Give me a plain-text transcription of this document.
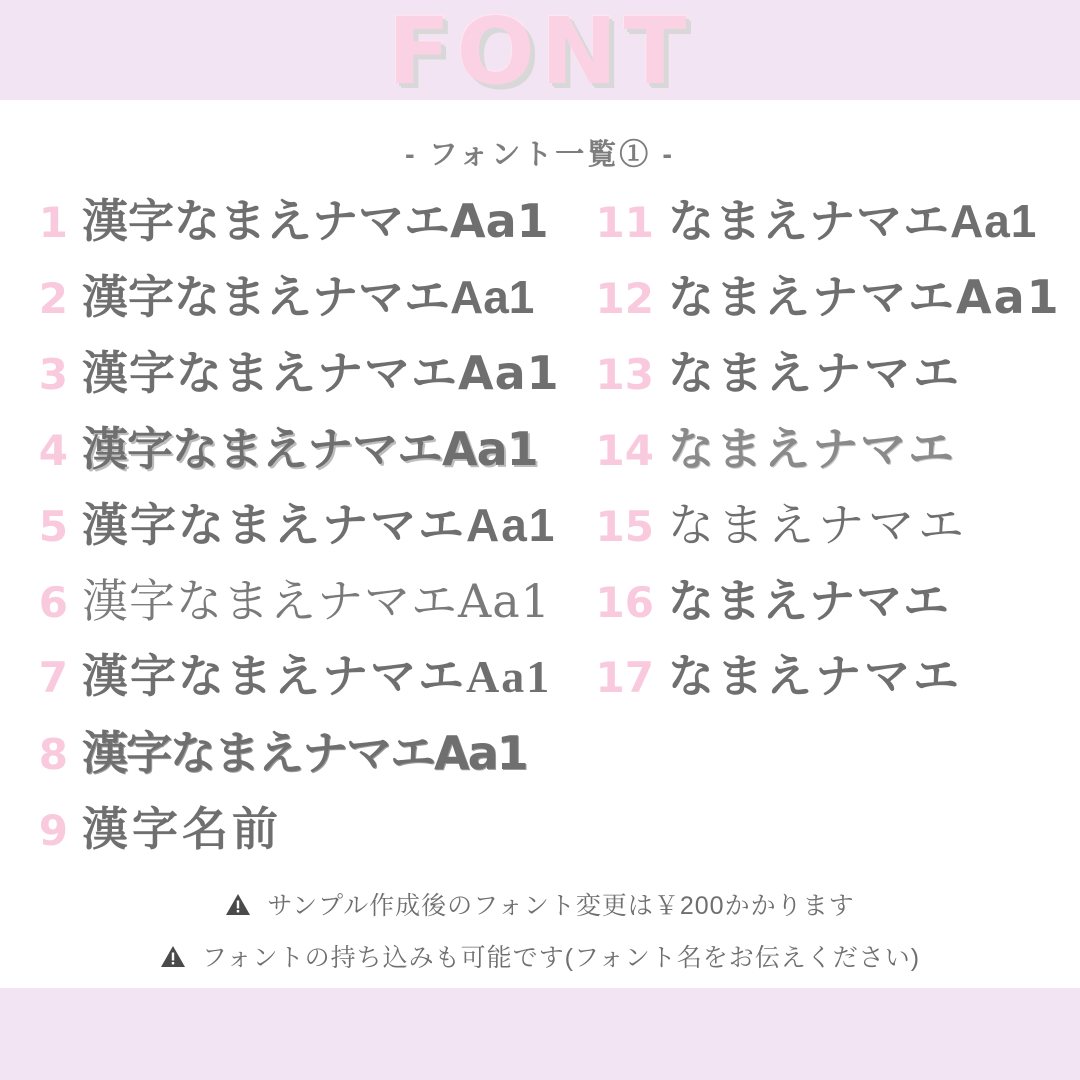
FONT
- フォント一覧① -
1 漢字なまえナマエAa1
2 漢字なまえナマエAa1
3 漢字なまえナマエAa1
4 漢字なまえナマエAa1
5 漢字なまえナマエAa1
6 漢字なまえナマエAa1
7 漢字なまえナマエAa1
8 漢字なまえナマエAa1
9 漢字名前
11 なまえナマエAa1
12 なまえナマエAa1
13 なまえナマエ
14 なまえナマエ
15 なまえナマエ
16 なまえナマエ
17 なまえナマエ
サンプル作成後のフォント変更は￥200かかります
フォントの持ち込みも可能です(フォント名をお伝えください)
